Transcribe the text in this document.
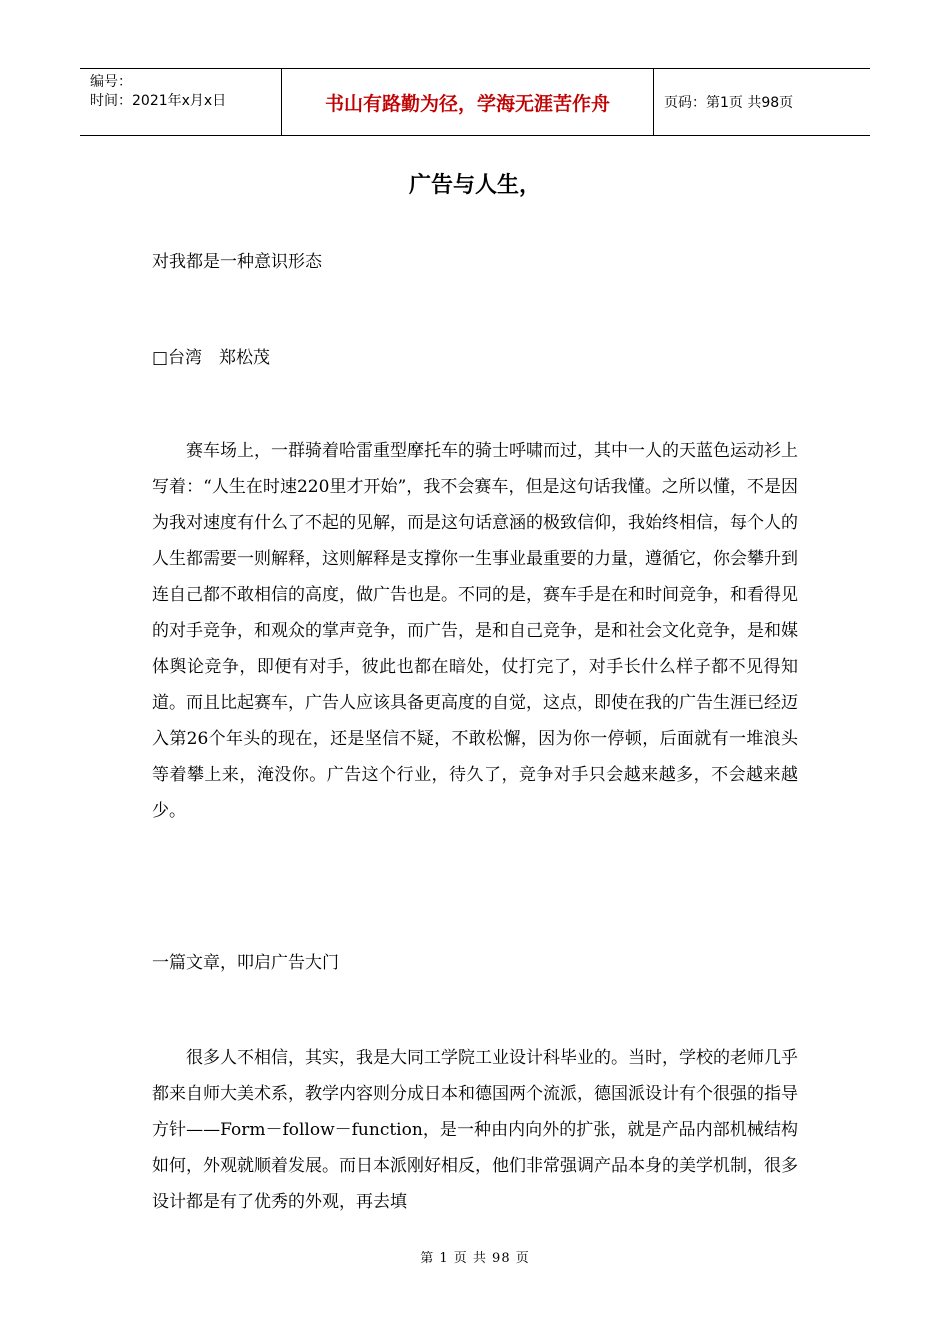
编号：
时间：2021年x月x日	书山有路勤为径，学海无涯苦作舟	页码：第1页 共98页
广告与人生，
对我都是一种意识形态
□台湾　郑松茂

赛车场上，一群骑着哈雷重型摩托车的骑士呼啸而过，其中一人的天蓝色运动衫上写着：“人生在时速220里才开始”，我不会赛车，但是这句话我懂。之所以懂，不是因为我对速度有什么了不起的见解，而是这句话意涵的极致信仰，我始终相信，每个人的人生都需要一则解释，这则解释是支撑你一生事业最重要的力量，遵循它，你会攀升到连自己都不敢相信的高度，做广告也是。不同的是，赛车手是在和时间竞争，和看得见的对手竞争，和观众的掌声竞争，而广告，是和自己竞争，是和社会文化竞争，是和媒体舆论竞争，即便有对手，彼此也都在暗处，仗打完了，对手长什么样子都不见得知道。而且比起赛车，广告人应该具备更高度的自觉，这点，即使在我的广告生涯已经迈入第26个年头的现在，还是坚信不疑，不敢松懈，因为你一停顿，后面就有一堆浪头等着攀上来，淹没你。广告这个行业，待久了，竞争对手只会越来越多，不会越来越少。

一篇文章，叩启广告大门

很多人不相信，其实，我是大同工学院工业设计科毕业的。当时，学校的老师几乎都来自师大美术系，教学内容则分成日本和德国两个流派，德国派设计有个很强的指导方针——Form－follow－function，是一种由内向外的扩张，就是产品内部机械结构如何，外观就顺着发展。而日本派刚好相反，他们非常强调产品本身的美学机制，很多设计都是有了优秀的外观，再去填

第 1 页 共 98 页
